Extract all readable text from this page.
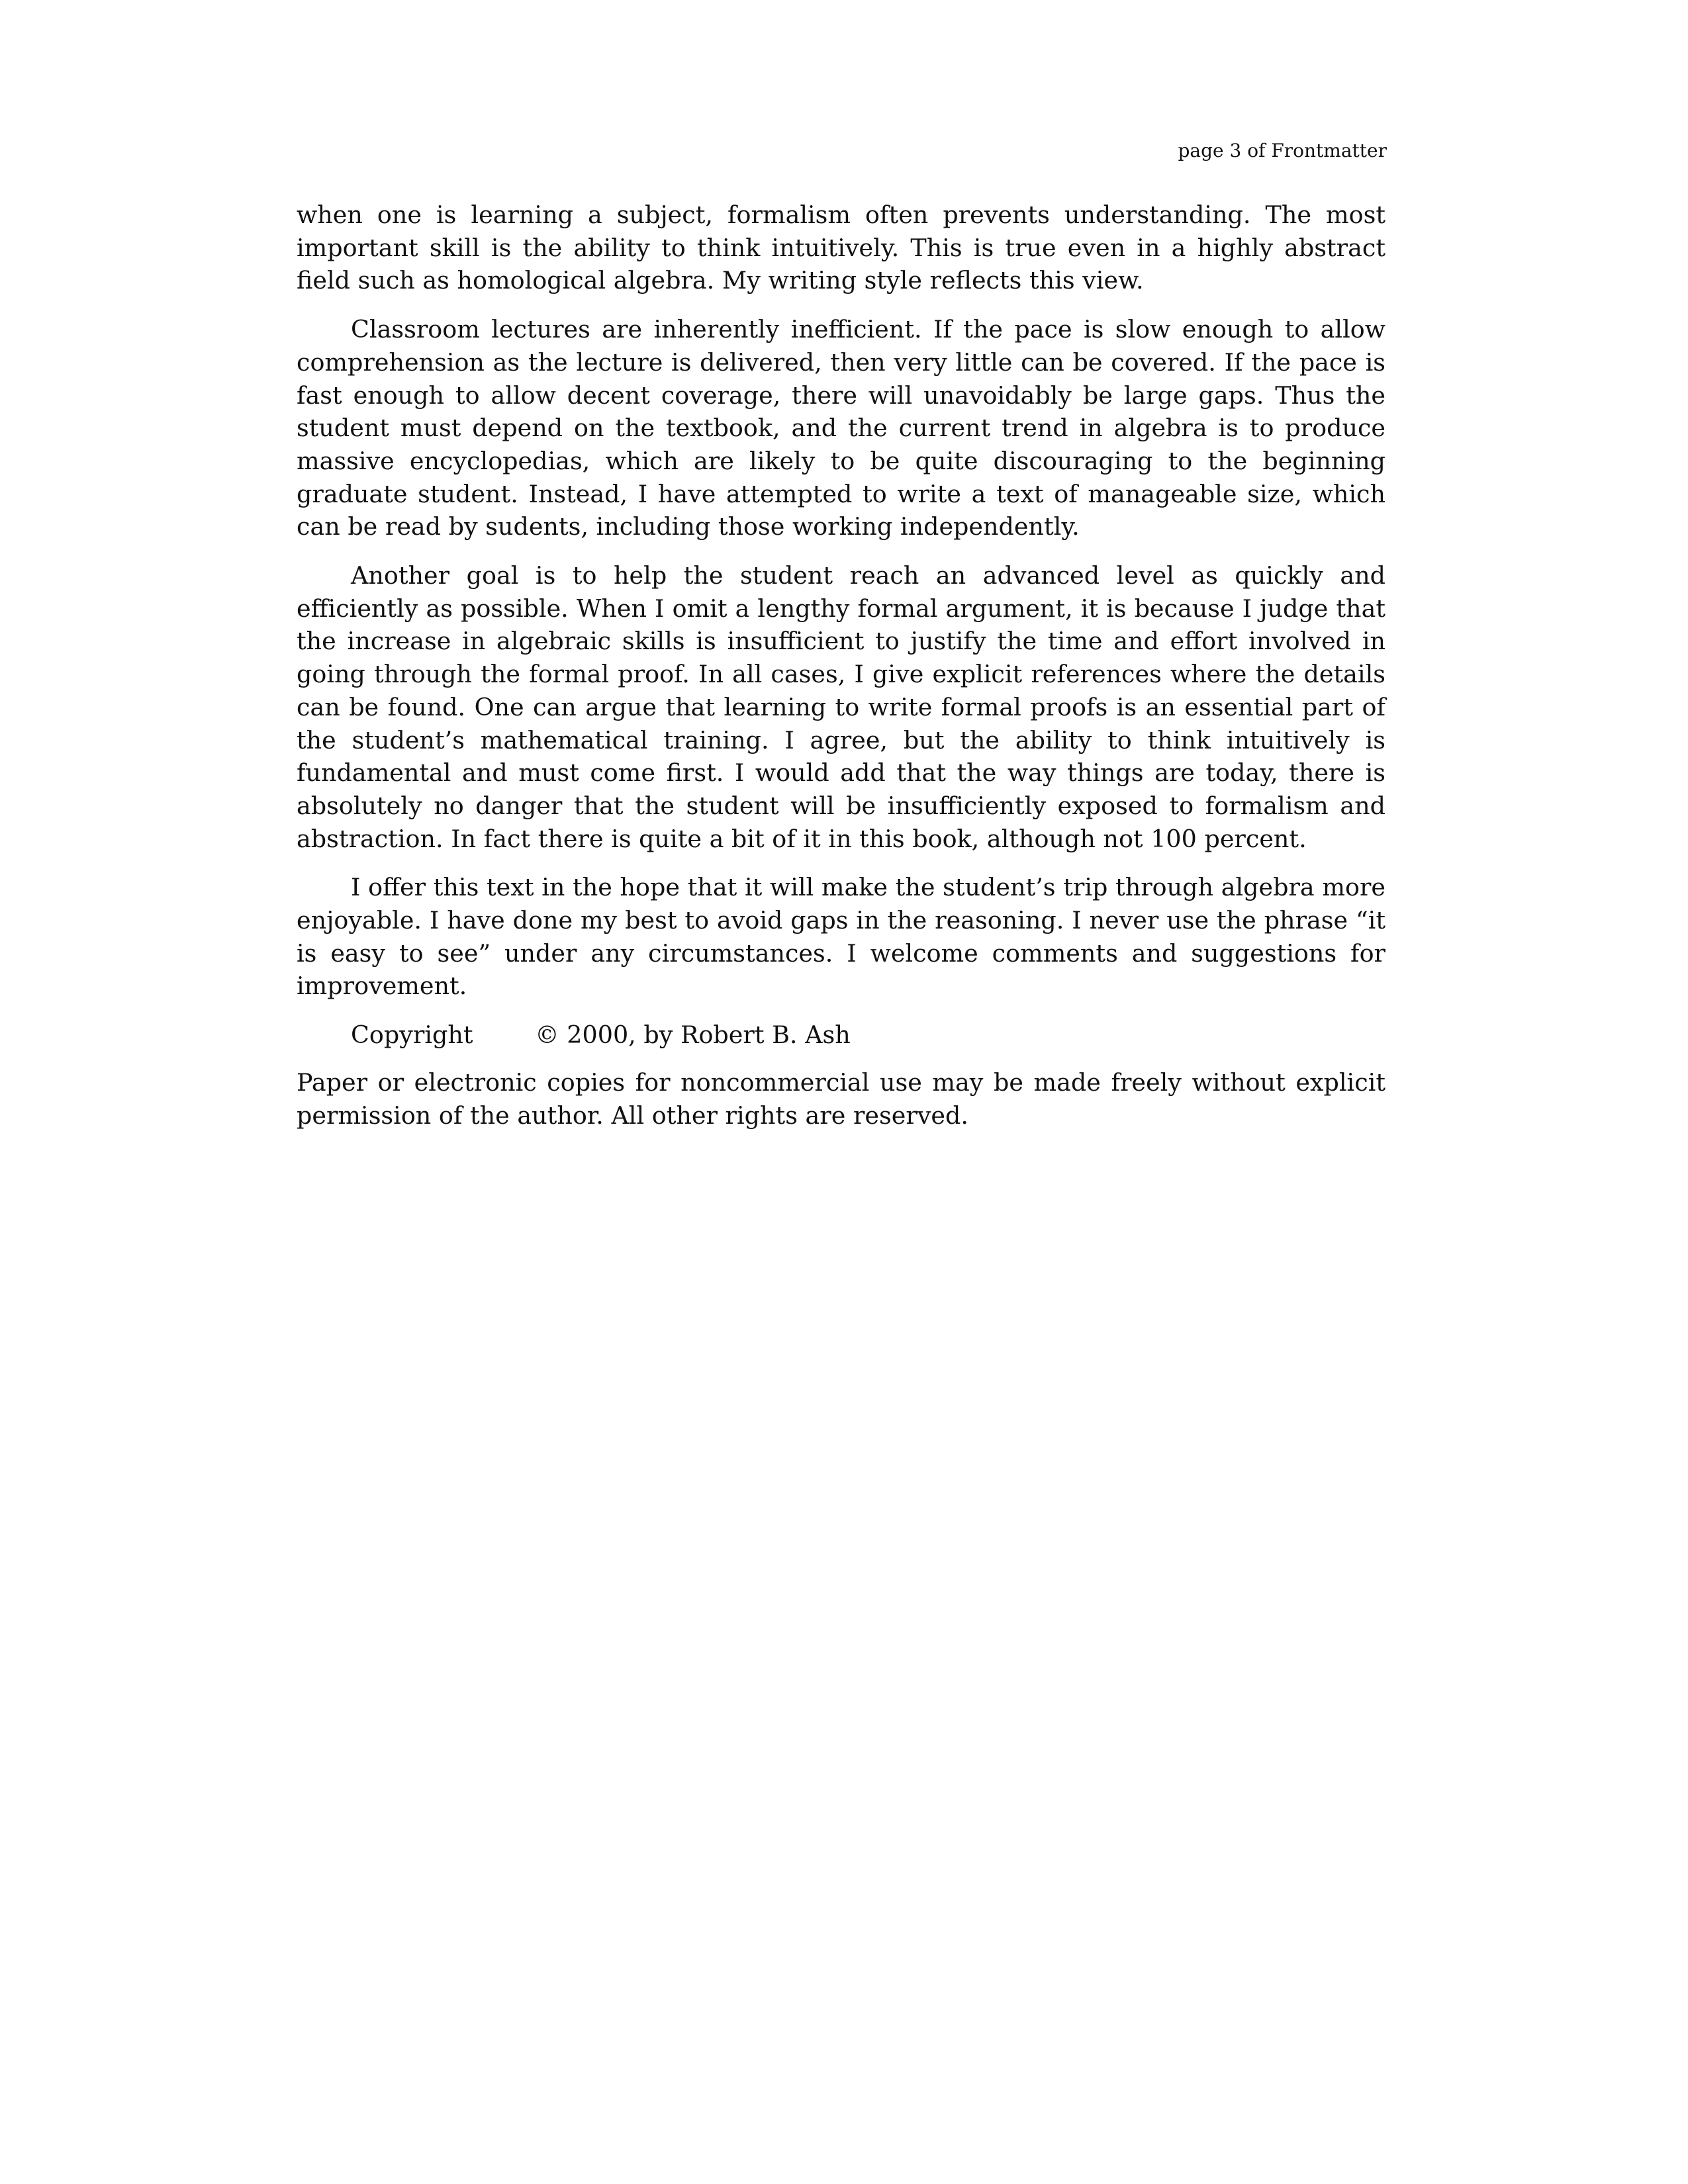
page 3 of Frontmatter

when one is learning a subject, formalism often prevents understanding. The most important skill is the ability to think intuitively. This is true even in a highly abstract field such as homological algebra. My writing style reflects this view.

Classroom lectures are inherently inefficient. If the pace is slow enough to allow comprehension as the lecture is delivered, then very little can be covered. If the pace is fast enough to allow decent coverage, there will unavoidably be large gaps. Thus the student must depend on the textbook, and the current trend in algebra is to produce massive encyclopedias, which are likely to be quite discouraging to the beginning graduate student. Instead, I have attempted to write a text of manageable size, which can be read by sudents, including those working independently.

Another goal is to help the student reach an advanced level as quickly and efficiently as possible. When I omit a lengthy formal argument, it is because I judge that the increase in algebraic skills is insufficient to justify the time and effort involved in going through the formal proof. In all cases, I give explicit references where the details can be found. One can argue that learning to write formal proofs is an essential part of the student’s mathematical training. I agree, but the ability to think intuitively is fundamental and must come first. I would add that the way things are today, there is absolutely no danger that the student will be insufficiently exposed to formalism and abstraction. In fact there is quite a bit of it in this book, although not 100 percent.

I offer this text in the hope that it will make the student’s trip through algebra more enjoyable. I have done my best to avoid gaps in the reasoning. I never use the phrase “it is easy to see” under any circumstances. I welcome comments and suggestions for improvement.

Copyright	© 2000, by Robert B. Ash

Paper or electronic copies for noncommercial use may be made freely without explicit permission of the author. All other rights are reserved.
